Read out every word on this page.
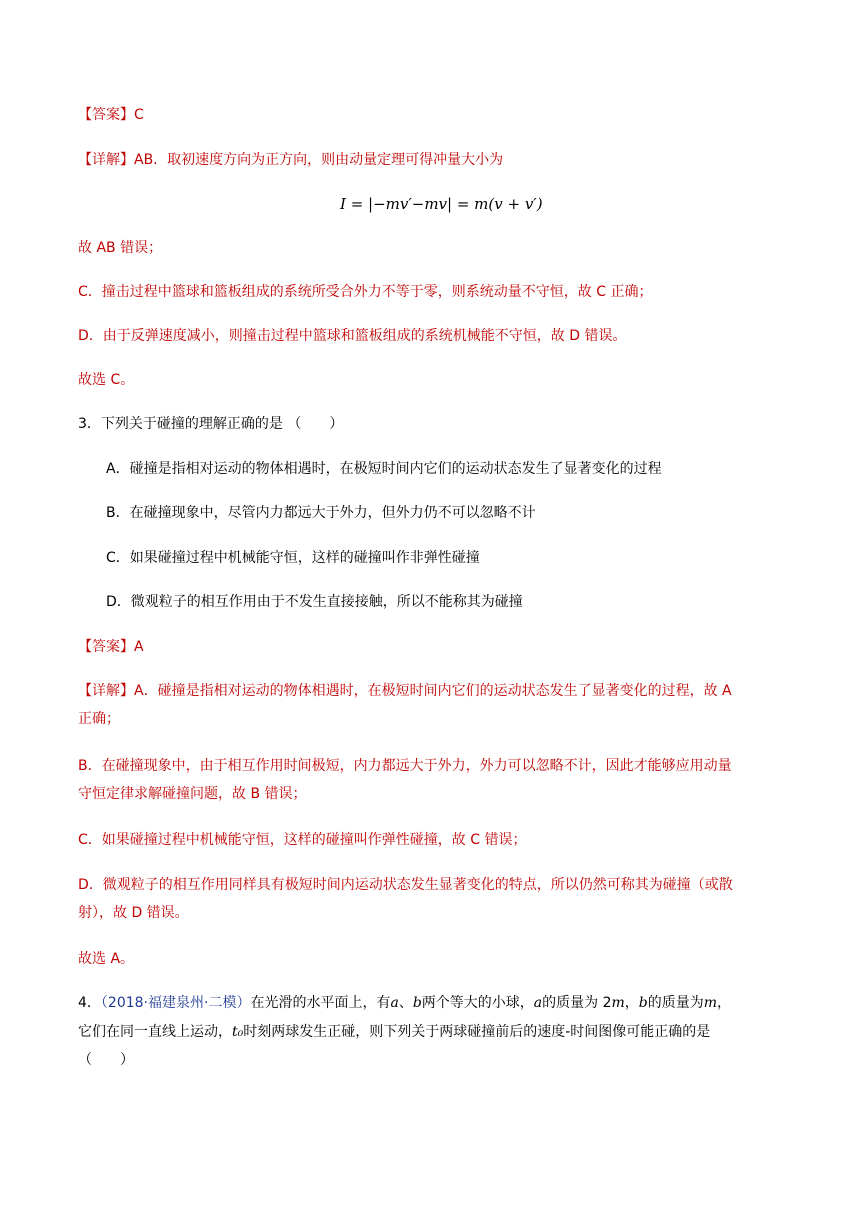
【答案】C
【详解】AB．取初速度方向为正方向，则由动量定理可得冲量大小为
I = |−mv′−mv| = m(v + v′)
故 AB 错误；
C．撞击过程中篮球和篮板组成的系统所受合外力不等于零，则系统动量不守恒，故 C 正确；
D．由于反弹速度减小，则撞击过程中篮球和篮板组成的系统机械能不守恒，故 D 错误。
故选 C。
3．下列关于碰撞的理解正确的是 （　　）
A．碰撞是指相对运动的物体相遇时，在极短时间内它们的运动状态发生了显著变化的过程
B．在碰撞现象中，尽管内力都远大于外力，但外力仍不可以忽略不计
C．如果碰撞过程中机械能守恒，这样的碰撞叫作非弹性碰撞
D．微观粒子的相互作用由于不发生直接接触，所以不能称其为碰撞
【答案】A
【详解】A．碰撞是指相对运动的物体相遇时，在极短时间内它们的运动状态发生了显著变化的过程，故 A
正确；
B．在碰撞现象中，由于相互作用时间极短，内力都远大于外力，外力可以忽略不计，因此才能够应用动量
守恒定律求解碰撞问题，故 B 错误；
C．如果碰撞过程中机械能守恒，这样的碰撞叫作弹性碰撞，故 C 错误；
D．微观粒子的相互作用同样具有极短时间内运动状态发生显著变化的特点，所以仍然可称其为碰撞（或散
射），故 D 错误。
故选 A。
4．（2018·福建泉州·二模）在光滑的水平面上，有a、b两个等大的小球，a的质量为 2m，b的质量为m，
它们在同一直线上运动，t₀时刻两球发生正碰，则下列关于两球碰撞前后的速度-时间图像可能正确的是
（　　）
